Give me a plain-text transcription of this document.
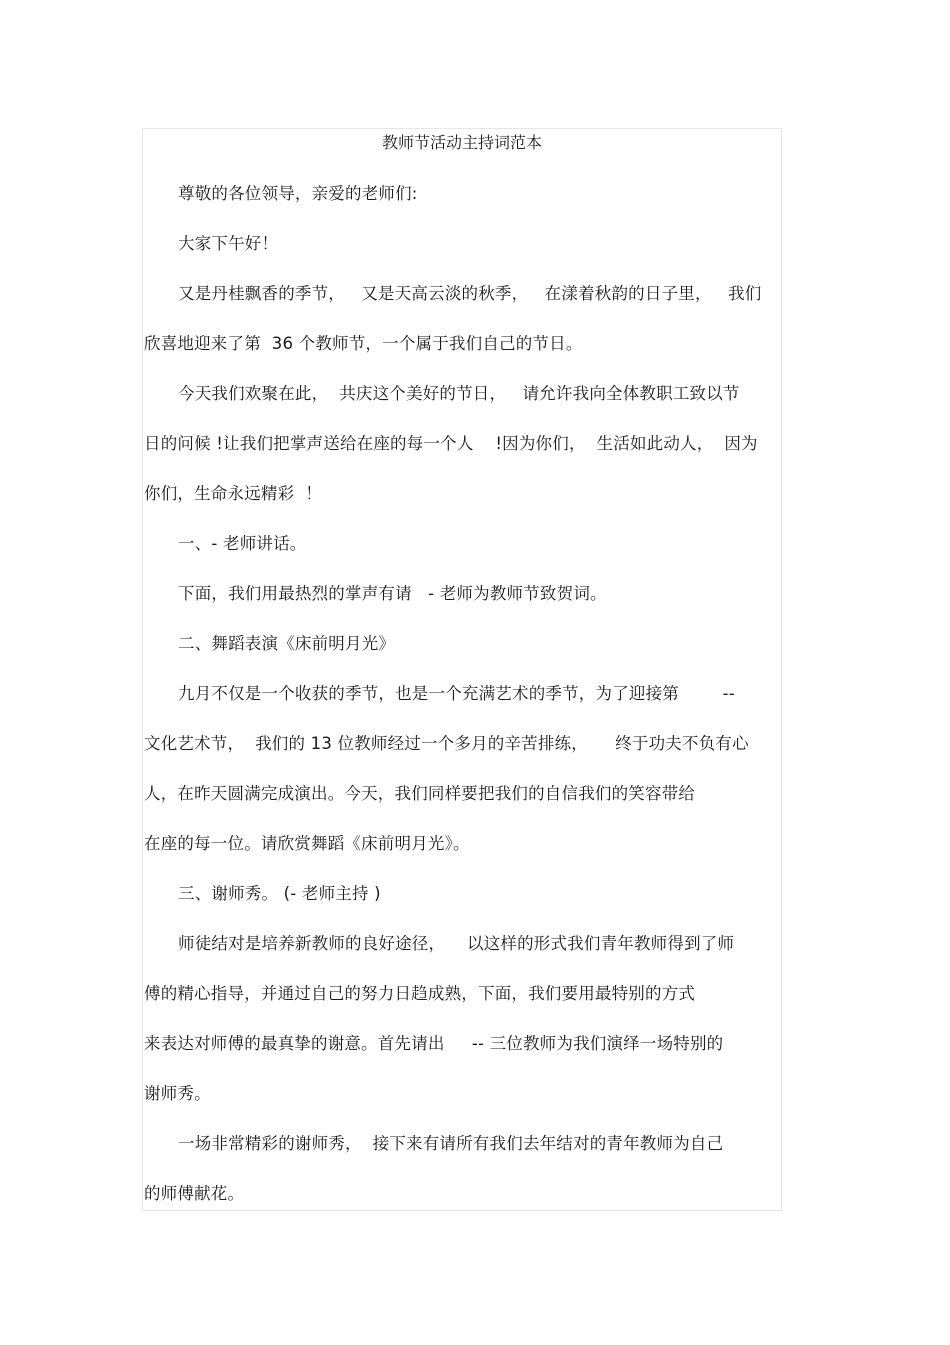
教师节活动主持词范本
尊敬的各位领导，亲爱的老师们:
大家下午好！
又是丹桂飘香的季节，   又是天高云淡的秋季，   在漾着秋韵的日子里，   我们
欣喜地迎来了第  36 个教师节，一个属于我们自己的节日。
今天我们欢聚在此，  共庆这个美好的节日，   请允许我向全体教职工致以节
日的问候 !让我们把掌声送给在座的每一个人    !因为你们，  生活如此动人，  因为
你们，生命永远精彩  ！
一、- 老师讲话。
下面，我们用最热烈的掌声有请   - 老师为教师节致贺词。
二、舞蹈表演《床前明月光》
九月不仅是一个收获的季节，也是一个充满艺术的季节，为了迎接第        --
文化艺术节，  我们的 13 位教师经过一个多月的辛苦排练，     终于功夫不负有心
人，在昨天圆满完成演出。今天，我们同样要把我们的自信我们的笑容带给
在座的每一位。请欣赏舞蹈《床前明月光》。
三、谢师秀。 (- 老师主持 )
师徒结对是培养新教师的良好途径，    以这样的形式我们青年教师得到了师
傅的精心指导，并通过自己的努力日趋成熟，下面，我们要用最特别的方式
来表达对师傅的最真挚的谢意。首先请出     -- 三位教师为我们演绎一场特别的
谢师秀。
一场非常精彩的谢师秀，  接下来有请所有我们去年结对的青年教师为自己
的师傅献花。
